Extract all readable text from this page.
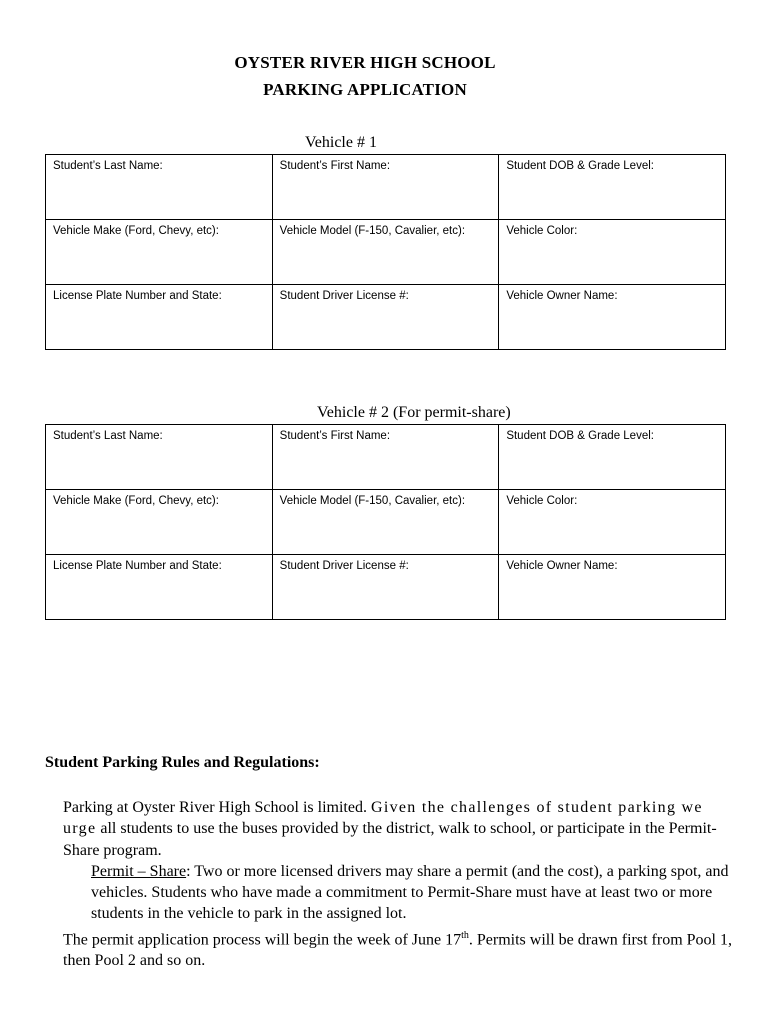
OYSTER RIVER HIGH SCHOOL
PARKING APPLICATION
Vehicle # 1
Student’s Last Name:	Student’s First Name:	Student DOB & Grade Level:
Vehicle Make (Ford, Chevy, etc):	Vehicle Model (F-150, Cavalier, etc):	Vehicle Color:
License Plate Number and State:	Student Driver License #:	Vehicle Owner Name:
Vehicle # 2 (For permit-share)
Student’s Last Name:	Student’s First Name:	Student DOB & Grade Level:
Vehicle Make (Ford, Chevy, etc):	Vehicle Model (F-150, Cavalier, etc):	Vehicle Color:
License Plate Number and State:	Student Driver License #:	Vehicle Owner Name:
Student Parking Rules and Regulations:

Parking at Oyster River High School is limited. Given the challenges of student parking we urge all students to use the buses provided by the district, walk to school, or participate in the Permit-Share program.

Permit – Share: Two or more licensed drivers may share a permit (and the cost), a parking spot, and vehicles. Students who have made a commitment to Permit-Share must have at least two or more students in the vehicle to park in the assigned lot.

The permit application process will begin the week of June 17th. Permits will be drawn first from Pool 1, then Pool 2 and so on.
